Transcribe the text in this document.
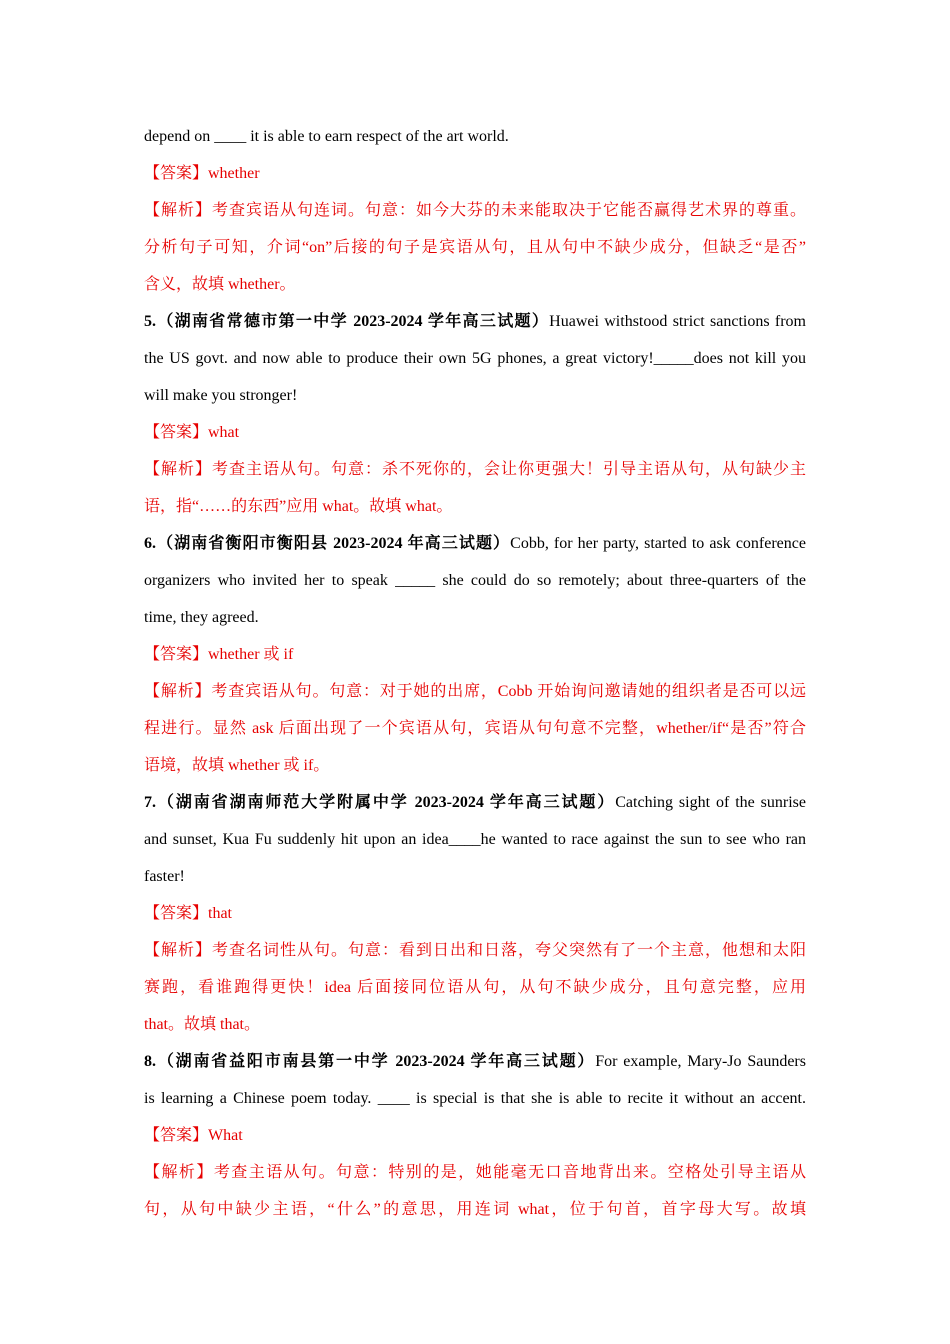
depend on ____ it is able to earn respect of the art world.
【答案】whether
【解析】考查宾语从句连词。句意：如今大芬的未来能取决于它能否赢得艺术界的尊重。
分析句子可知，介词“on”后接的句子是宾语从句，且从句中不缺少成分，但缺乏“是否”
含义，故填 whether。
5.（湖南省常德市第一中学 2023-2024 学年高三试题）Huawei withstood strict sanctions from
the US govt. and now able to produce their own 5G phones, a great victory!_____does not kill you
will make you stronger!
【答案】what
【解析】考查主语从句。句意：杀不死你的，会让你更强大！引导主语从句，从句缺少主
语，指“……的东西”应用 what。故填 what。
6.（湖南省衡阳市衡阳县 2023-2024 年高三试题）Cobb, for her party, started to ask conference
organizers who invited her to speak _____ she could do so remotely; about three-quarters of the
time, they agreed.
【答案】whether 或 if
【解析】考查宾语从句。句意：对于她的出席，Cobb 开始询问邀请她的组织者是否可以远
程进行。显然 ask 后面出现了一个宾语从句，宾语从句句意不完整，whether/if“是否”符合
语境，故填 whether 或 if。
7.（湖南省湖南师范大学附属中学 2023-2024 学年高三试题）Catching sight of the sunrise
and sunset, Kua Fu suddenly hit upon an idea____he wanted to race against the sun to see who ran
faster!
【答案】that
【解析】考查名词性从句。句意：看到日出和日落，夸父突然有了一个主意，他想和太阳
赛跑，看谁跑得更快！idea 后面接同位语从句，从句不缺少成分，且句意完整，应用
that。故填 that。
8.（湖南省益阳市南县第一中学 2023-2024 学年高三试题）For example, Mary-Jo Saunders
is learning a Chinese poem today. ____ is special is that she is able to recite it without an accent.
【答案】What
【解析】考查主语从句。句意：特别的是，她能毫无口音地背出来。空格处引导主语从
句，从句中缺少主语，“什么”的意思，用连词 what，位于句首，首字母大写。故填
